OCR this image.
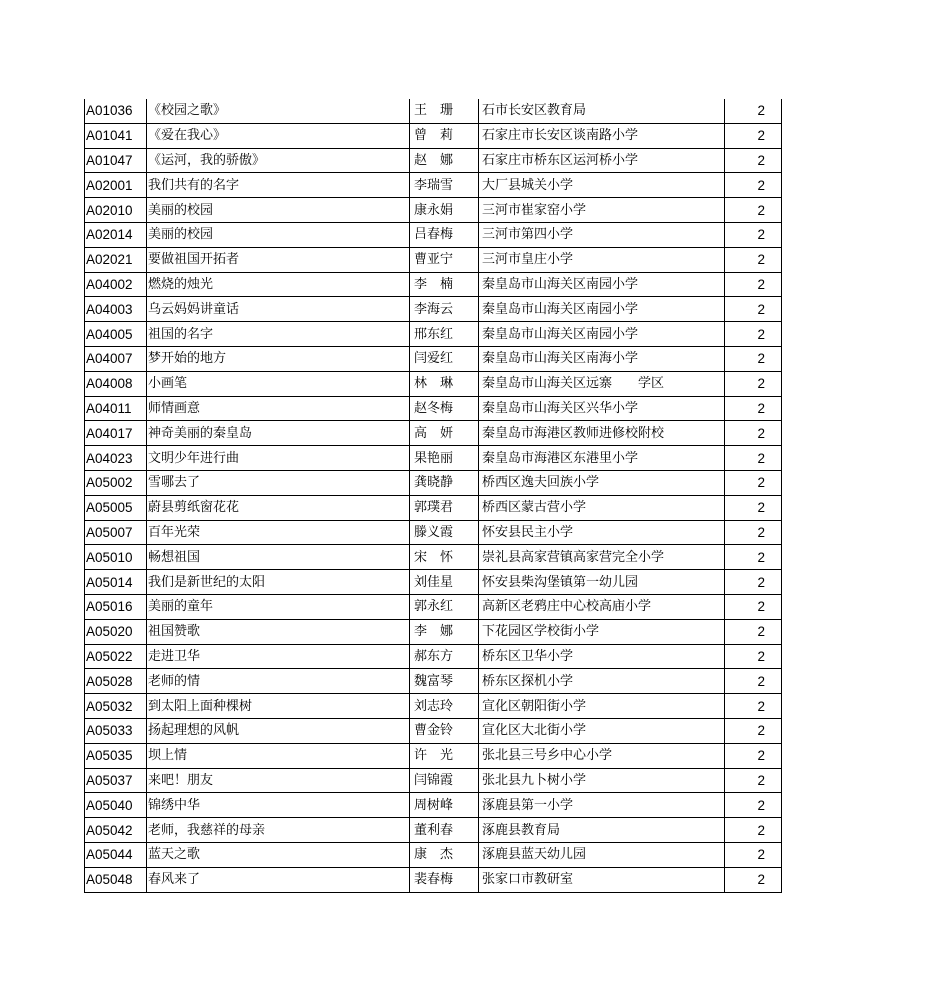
A01036	《校园之歌》	王　珊	石市长安区教育局	2
A01041	《爱在我心》	曾　莉	石家庄市长安区谈南路小学	2
A01047	《运河，我的骄傲》	赵　娜	石家庄市桥东区运河桥小学	2
A02001	我们共有的名字	李瑞雪	大厂县城关小学	2
A02010	美丽的校园	康永娟	三河市崔家窑小学	2
A02014	美丽的校园	吕春梅	三河市第四小学	2
A02021	要做祖国开拓者	曹亚宁	三河市皇庄小学	2
A04002	燃烧的烛光	李　楠	秦皇岛市山海关区南园小学	2
A04003	乌云妈妈讲童话	李海云	秦皇岛市山海关区南园小学	2
A04005	祖国的名字	邢东红	秦皇岛市山海关区南园小学	2
A04007	梦开始的地方	闫爱红	秦皇岛市山海关区南海小学	2
A04008	小画笔	林　琳	秦皇岛市山海关区远寨　　学区	2
A04011	师情画意	赵冬梅	秦皇岛市山海关区兴华小学	2
A04017	神奇美丽的秦皇岛	高　妍	秦皇岛市海港区教师进修校附校	2
A04023	文明少年进行曲	果艳丽	秦皇岛市海港区东港里小学	2
A05002	雪哪去了	龚晓静	桥西区逸夫回族小学	2
A05005	蔚县剪纸窗花花	郭璞君	桥西区蒙古营小学	2
A05007	百年光荣	滕义霞	怀安县民主小学	2
A05010	畅想祖国	宋　怀	崇礼县高家营镇高家营完全小学	2
A05014	我们是新世纪的太阳	刘佳星	怀安县柴沟堡镇第一幼儿园	2
A05016	美丽的童年	郭永红	高新区老鸦庄中心校高庙小学	2
A05020	祖国赞歌	李　娜	下花园区学校街小学	2
A05022	走进卫华	郝东方	桥东区卫华小学	2
A05028	老师的情	魏富琴	桥东区探机小学	2
A05032	到太阳上面种棵树	刘志玲	宣化区朝阳街小学	2
A05033	扬起理想的风帆	曹金铃	宣化区大北街小学	2
A05035	坝上情	许　光	张北县三号乡中心小学	2
A05037	来吧！朋友	闫锦霞	张北县九卜树小学	2
A05040	锦绣中华	周树峰	涿鹿县第一小学	2
A05042	老师，我慈祥的母亲	董利春	涿鹿县教育局	2
A05044	蓝天之歌	康　杰	涿鹿县蓝天幼儿园	2
A05048	春风来了	裴春梅	张家口市教研室	2
